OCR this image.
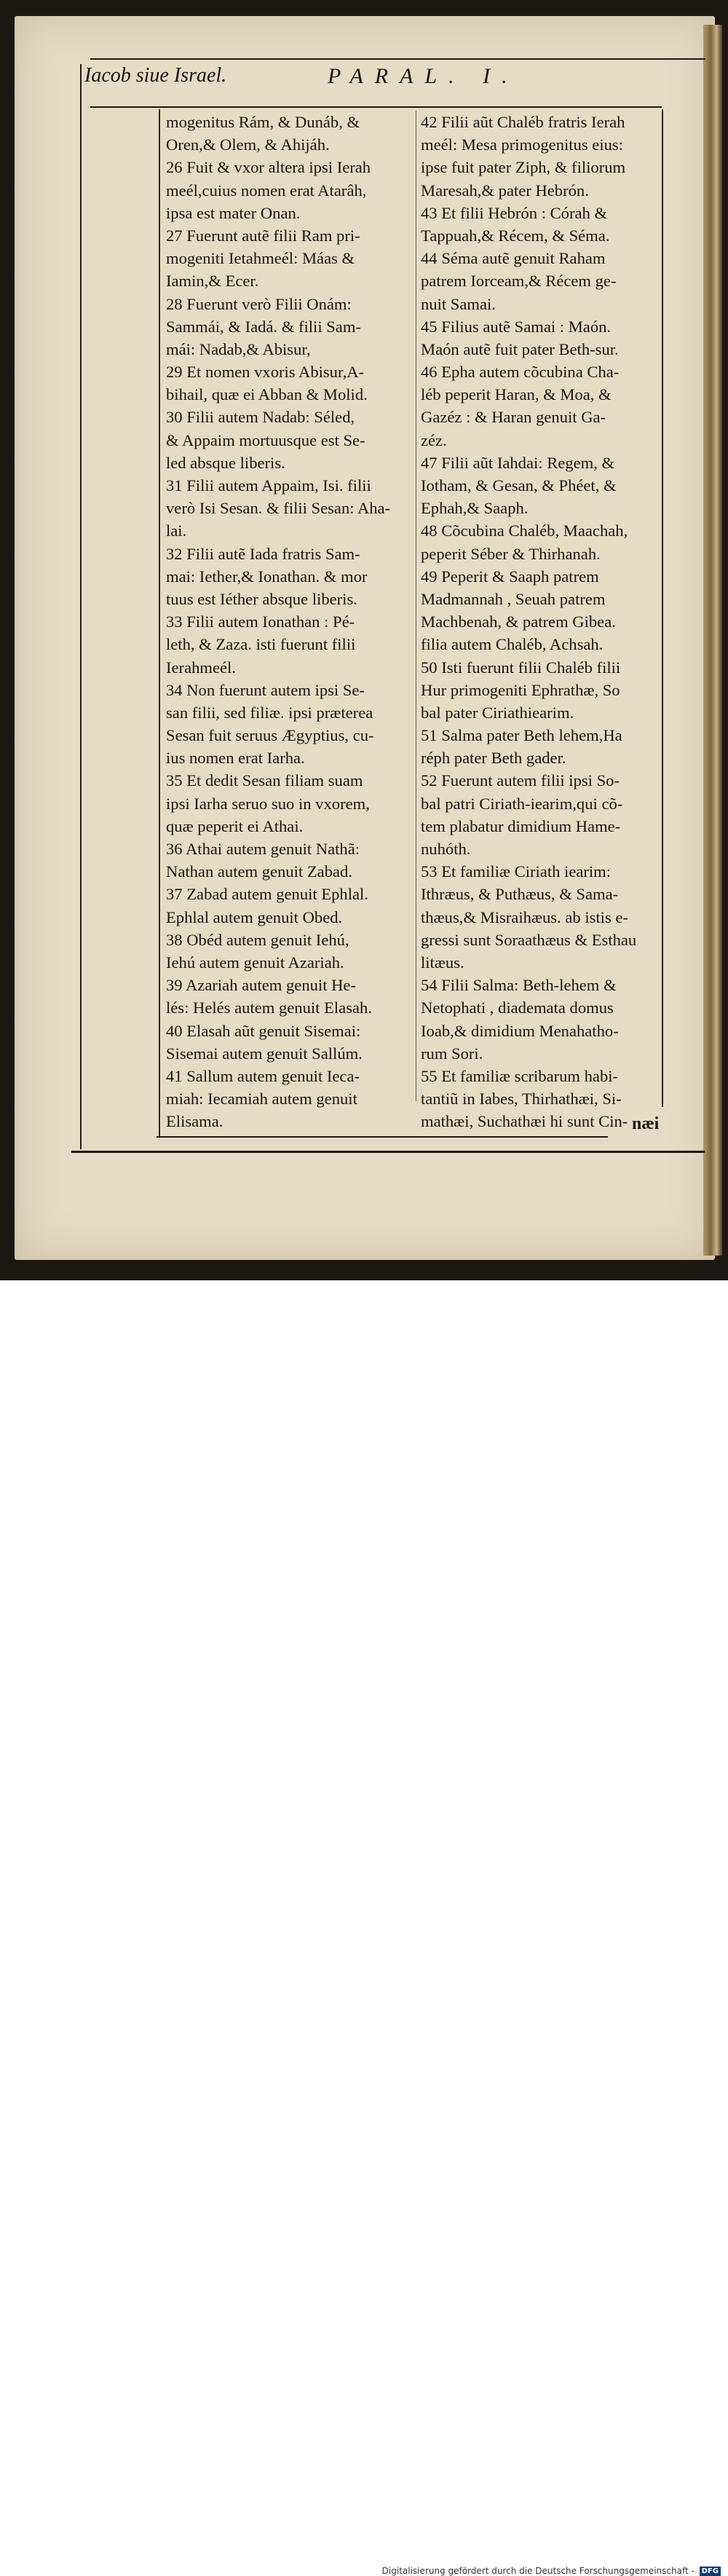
Iacob siue Israel.	PARAL. I.
mogenitus Rám, & Dunáb, &
Oren,& Olem, & Ahijáh.
26 Fuit & vxor altera ipsi Ierah
meél,cuius nomen erat Atarâh,
ipsa est mater Onan.
27 Fuerunt autẽ filii Ram pri-
mogeniti Ietahmeél: Máas &
Iamin,& Ecer.
28 Fuerunt verò Filii Onám:
Sammái, & Iadá. & filii Sam-
mái: Nadab,& Abisur,
29 Et nomen vxoris Abisur,A-
bihail, quæ ei Abban & Molid.
30 Filii autem Nadab: Séled,
& Appaim mortuusque est Se-
led absque liberis.
31 Filii autem Appaim, Isi. filii
verò Isi Sesan. & filii Sesan: Aha-
lai.
32 Filii autẽ Iada fratris Sam-
mai: Iether,& Ionathan. & mor
tuus est Iéther absque liberis.
33 Filii autem Ionathan : Pé-
leth, & Zaza. isti fuerunt filii
Ierahmeél.
34 Non fuerunt autem ipsi Se-
san filii, sed filiæ. ipsi præterea
Sesan fuit seruus Ægyptius, cu-
ius nomen erat Iarha.
35 Et dedit Sesan filiam suam
ipsi Iarha seruo suo in vxorem,
quæ peperit ei Athai.
36 Athai autem genuit Nathã:
Nathan autem genuit Zabad.
37 Zabad autem genuit Ephlal.
Ephlal autem genuit Obed.
38 Obéd autem genuit Iehú,
Iehú autem genuit Azariah.
39 Azariah autem genuit He-
lés: Helés autem genuit Elasah.
40 Elasah aũt genuit Sisemai:
Sisemai autem genuit Sallúm.
41 Sallum autem genuit Ieca-
miah: Iecamiah autem genuit
Elisama.
42 Filii aũt Chaléb fratris Ierah
meél: Mesa primogenitus eius:
ipse fuit pater Ziph, & filiorum
Maresah,& pater Hebrón.
43 Et filii Hebrón : Córah &
Tappuah,& Récem, & Séma.
44 Séma autẽ genuit Raham
patrem Iorceam,& Récem ge-
nuit Samai.
45 Filius autẽ Samai : Maón.
Maón autẽ fuit pater Beth-sur.
46 Epha autem cõcubina Cha-
léb peperit Haran, & Moa, &
Gazéz : & Haran genuit Ga-
zéz.
47 Filii aũt Iahdai: Regem, &
Iotham, & Gesan, & Phéet, &
Ephah,& Saaph.
48 Cõcubina Chaléb, Maachah,
peperit Séber & Thirhanah.
49 Peperit & Saaph patrem
Madmannah , Seuah patrem
Machbenah, & patrem Gibea.
filia autem Chaléb, Achsah.
50 Isti fuerunt filii Chaléb filii
Hur primogeniti Ephrathæ, So
bal pater Ciriathiearim.
51 Salma pater Beth lehem,Ha
réph pater Beth gader.
52 Fuerunt autem filii ipsi So-
bal patri Ciriath-iearim,qui cõ-
tem plabatur dimidium Hame-
nuhóth.
53 Et familiæ Ciriath iearim:
Ithræus, & Puthæus, & Sama-
thæus,& Misraihæus. ab istis e-
gressi sunt Soraathæus & Esthau
litæus.
54 Filii Salma: Beth-lehem &
Netophati , diademata domus
Ioab,& dimidium Menahatho-
rum Sori.
55 Et familiæ scribarum habi-
tantiũ in Iabes, Thirhathæi, Si-
mathæi, Suchathæi hi sunt Cin- næi
Digitalisierung gefördert durch die Deutsche Forschungsgemeinschaft - DFG
